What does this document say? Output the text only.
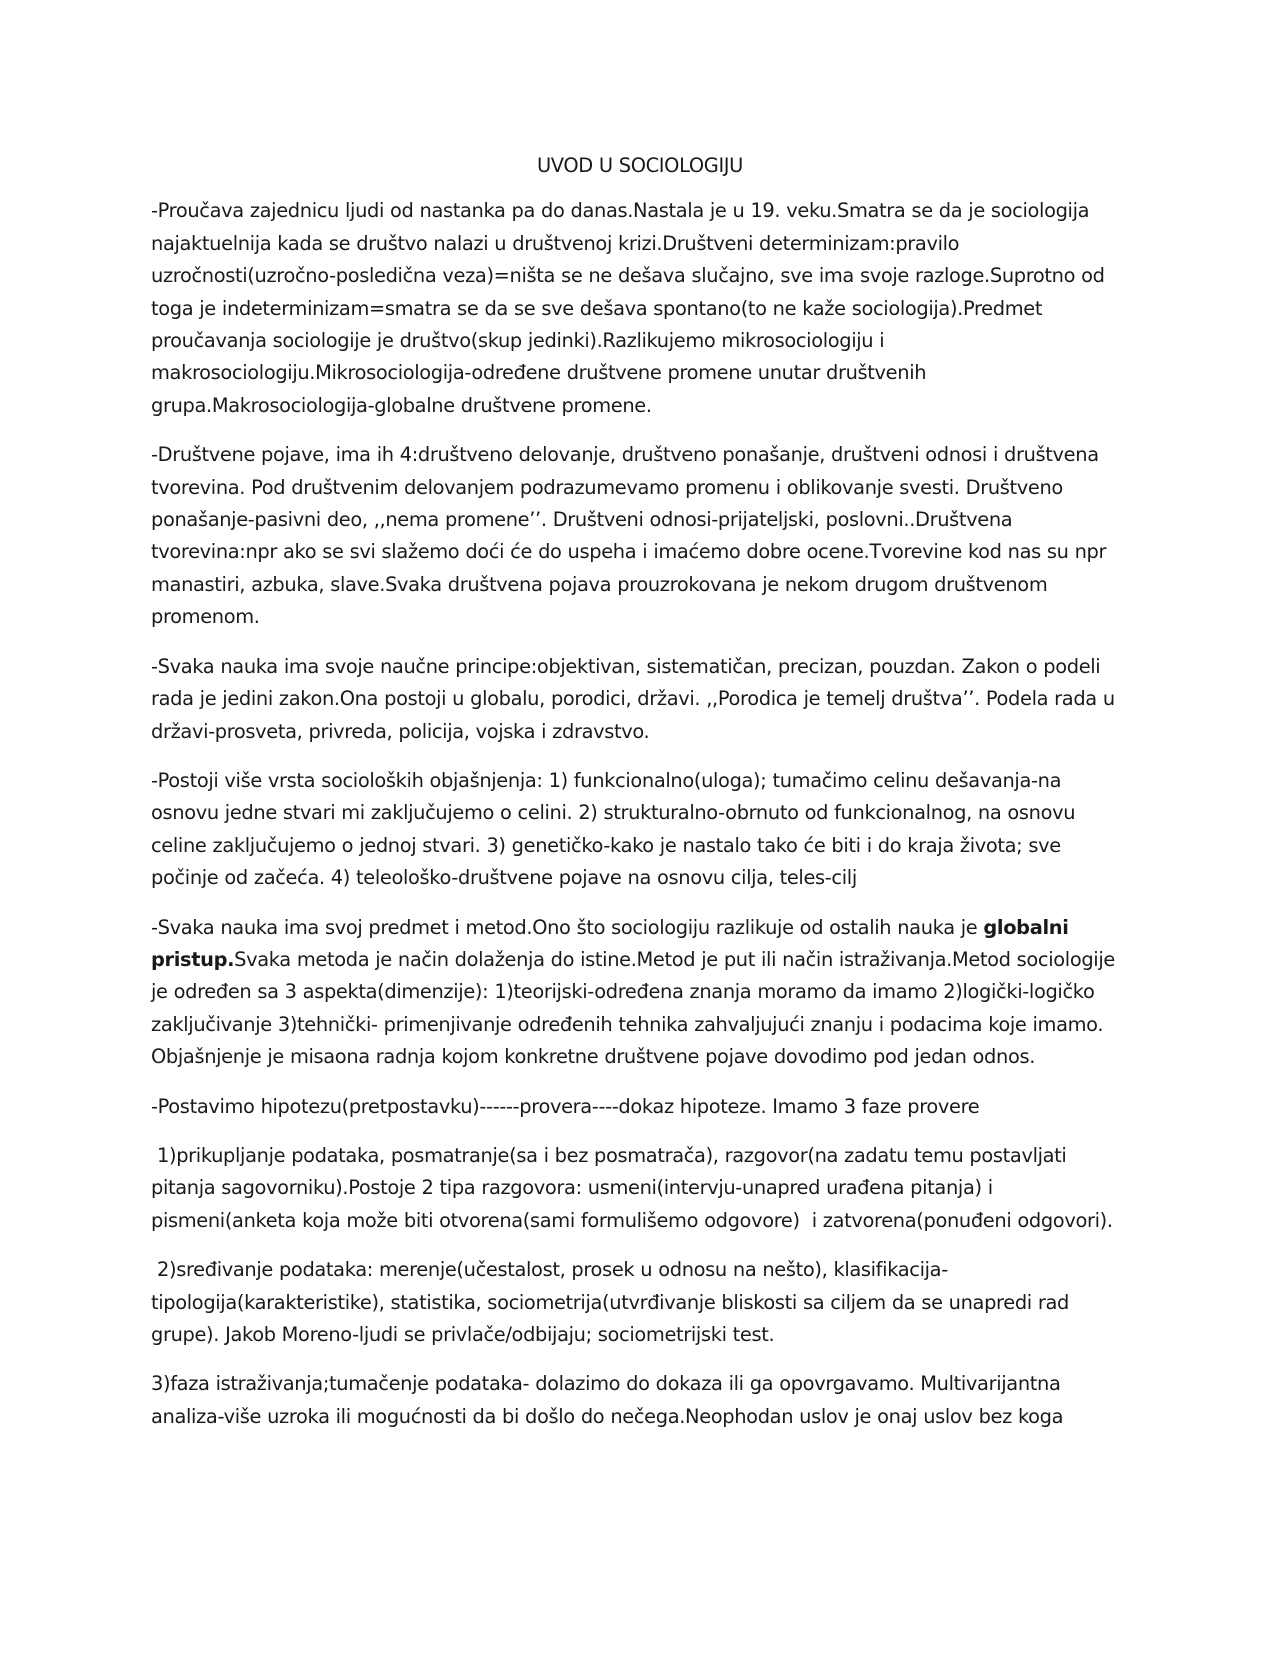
UVOD U SOCIOLOGIJU

-Proučava zajednicu ljudi od nastanka pa do danas.Nastala je u 19. veku.Smatra se da je sociologija najaktuelnija kada se društvo nalazi u društvenoj krizi.Društveni determinizam:pravilo uzročnosti(uzročno-posledična veza)=ništa se ne dešava slučajno, sve ima svoje razloge.Suprotno od toga je indeterminizam=smatra se da se sve dešava spontano(to ne kaže sociologija).Predmet proučavanja sociologije je društvo(skup jedinki).Razlikujemo mikrosociologiju i makrosociologiju.Mikrosociologija-određene društvene promene unutar društvenih grupa.Makrosociologija-globalne društvene promene.

-Društvene pojave, ima ih 4:društveno delovanje, društveno ponašanje, društveni odnosi i društvena tvorevina. Pod društvenim delovanjem podrazumevamo promenu i oblikovanje svesti. Društveno ponašanje-pasivni deo, ,,nema promene’’. Društveni odnosi-prijateljski, poslovni..Društvena tvorevina:npr ako se svi slažemo doći će do uspeha i imaćemo dobre ocene.Tvorevine kod nas su npr manastiri, azbuka, slave.Svaka društvena pojava prouzrokovana je nekom drugom društvenom promenom.

-Svaka nauka ima svoje naučne principe:objektivan, sistematičan, precizan, pouzdan. Zakon o podeli rada je jedini zakon.Ona postoji u globalu, porodici, državi. ,,Porodica je temelj društva’’. Podela rada u državi-prosveta, privreda, policija, vojska i zdravstvo.

-Postoji više vrsta socioloških objašnjenja: 1) funkcionalno(uloga); tumačimo celinu dešavanja-na osnovu jedne stvari mi zaključujemo o celini. 2) strukturalno-obrnuto od funkcionalnog, na osnovu celine zaključujemo o jednoj stvari. 3) genetičko-kako je nastalo tako će biti i do kraja života; sve počinje od začeća. 4) teleološko-društvene pojave na osnovu cilja, teles-cilj

-Svaka nauka ima svoj predmet i metod.Ono što sociologiju razlikuje od ostalih nauka je globalni pristup.Svaka metoda je način dolaženja do istine.Metod je put ili način istraživanja.Metod sociologije je određen sa 3 aspekta(dimenzije): 1)teorijski-određena znanja moramo da imamo 2)logički-logičko zaključivanje 3)tehnički- primenjivanje određenih tehnika zahvaljujući znanju i podacima koje imamo. Objašnjenje je misaona radnja kojom konkretne društvene pojave dovodimo pod jedan odnos.

-Postavimo hipotezu(pretpostavku)------provera----dokaz hipoteze. Imamo 3 faze provere

1)prikupljanje podataka, posmatranje(sa i bez posmatrača), razgovor(na zadatu temu postavljati pitanja sagovorniku).Postoje 2 tipa razgovora: usmeni(intervju-unapred urađena pitanja) i pismeni(anketa koja može biti otvorena(sami formulišemo odgovore)  i zatvorena(ponuđeni odgovori).

2)sređivanje podataka: merenje(učestalost, prosek u odnosu na nešto), klasifikacija-tipologija(karakteristike), statistika, sociometrija(utvrđivanje bliskosti sa ciljem da se unapredi rad grupe). Jakob Moreno-ljudi se privlače/odbijaju; sociometrijski test.

3)faza istraživanja;tumačenje podataka- dolazimo do dokaza ili ga opovrgavamo. Multivarijantna analiza-više uzroka ili mogućnosti da bi došlo do nečega.Neophodan uslov je onaj uslov bez koga
